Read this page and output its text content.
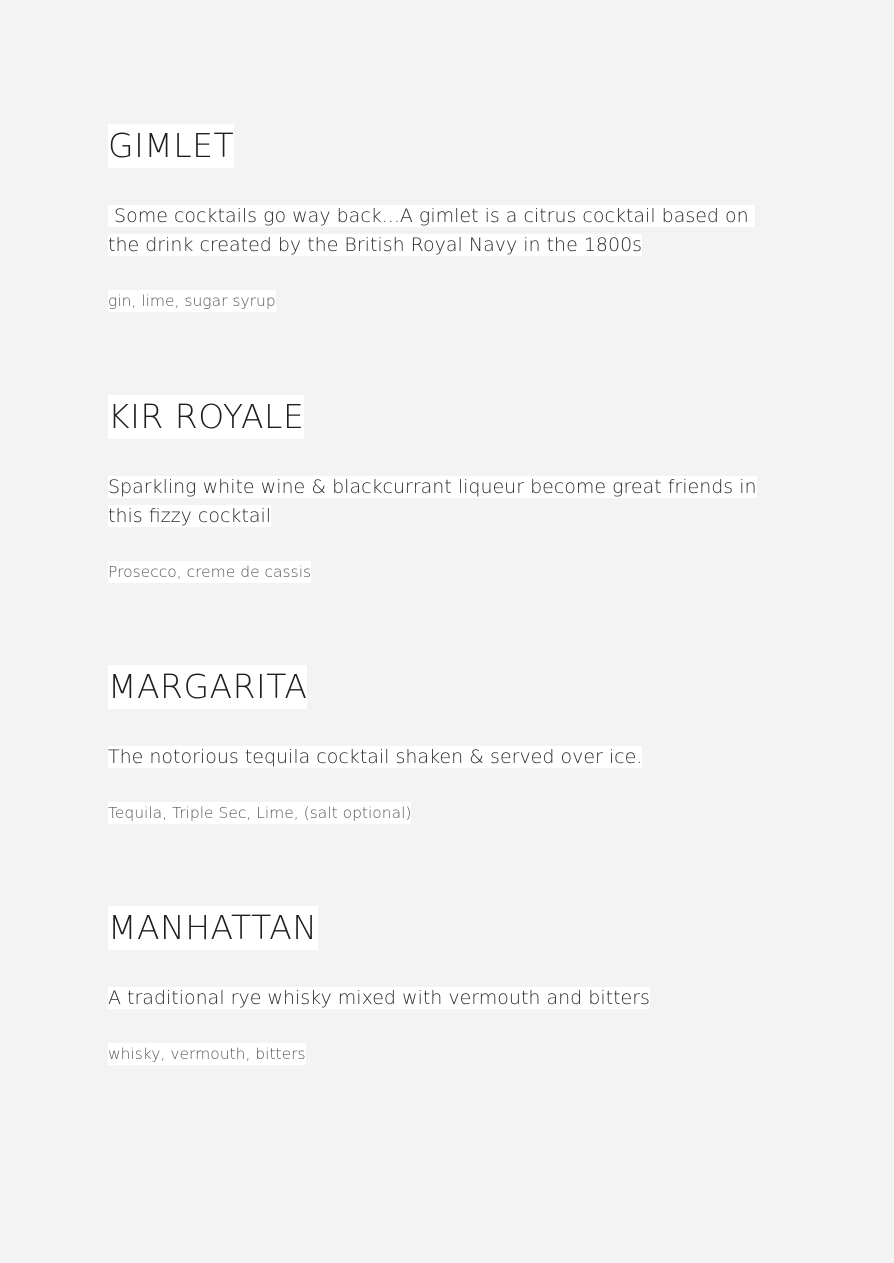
GIMLET
Some cocktails go way back...A gimlet is a citrus cocktail based on the drink created by the British Royal Navy in the 1800s
gin, lime, sugar syrup
KIR ROYALE
Sparkling white wine & blackcurrant liqueur become great friends in this fizzy cocktail
Prosecco, creme de cassis
MARGARITA
The notorious tequila cocktail shaken & served over ice.
Tequila, Triple Sec, Lime, (salt optional)
MANHATTAN
A traditional rye whisky mixed with vermouth and bitters
whisky, vermouth, bitters
